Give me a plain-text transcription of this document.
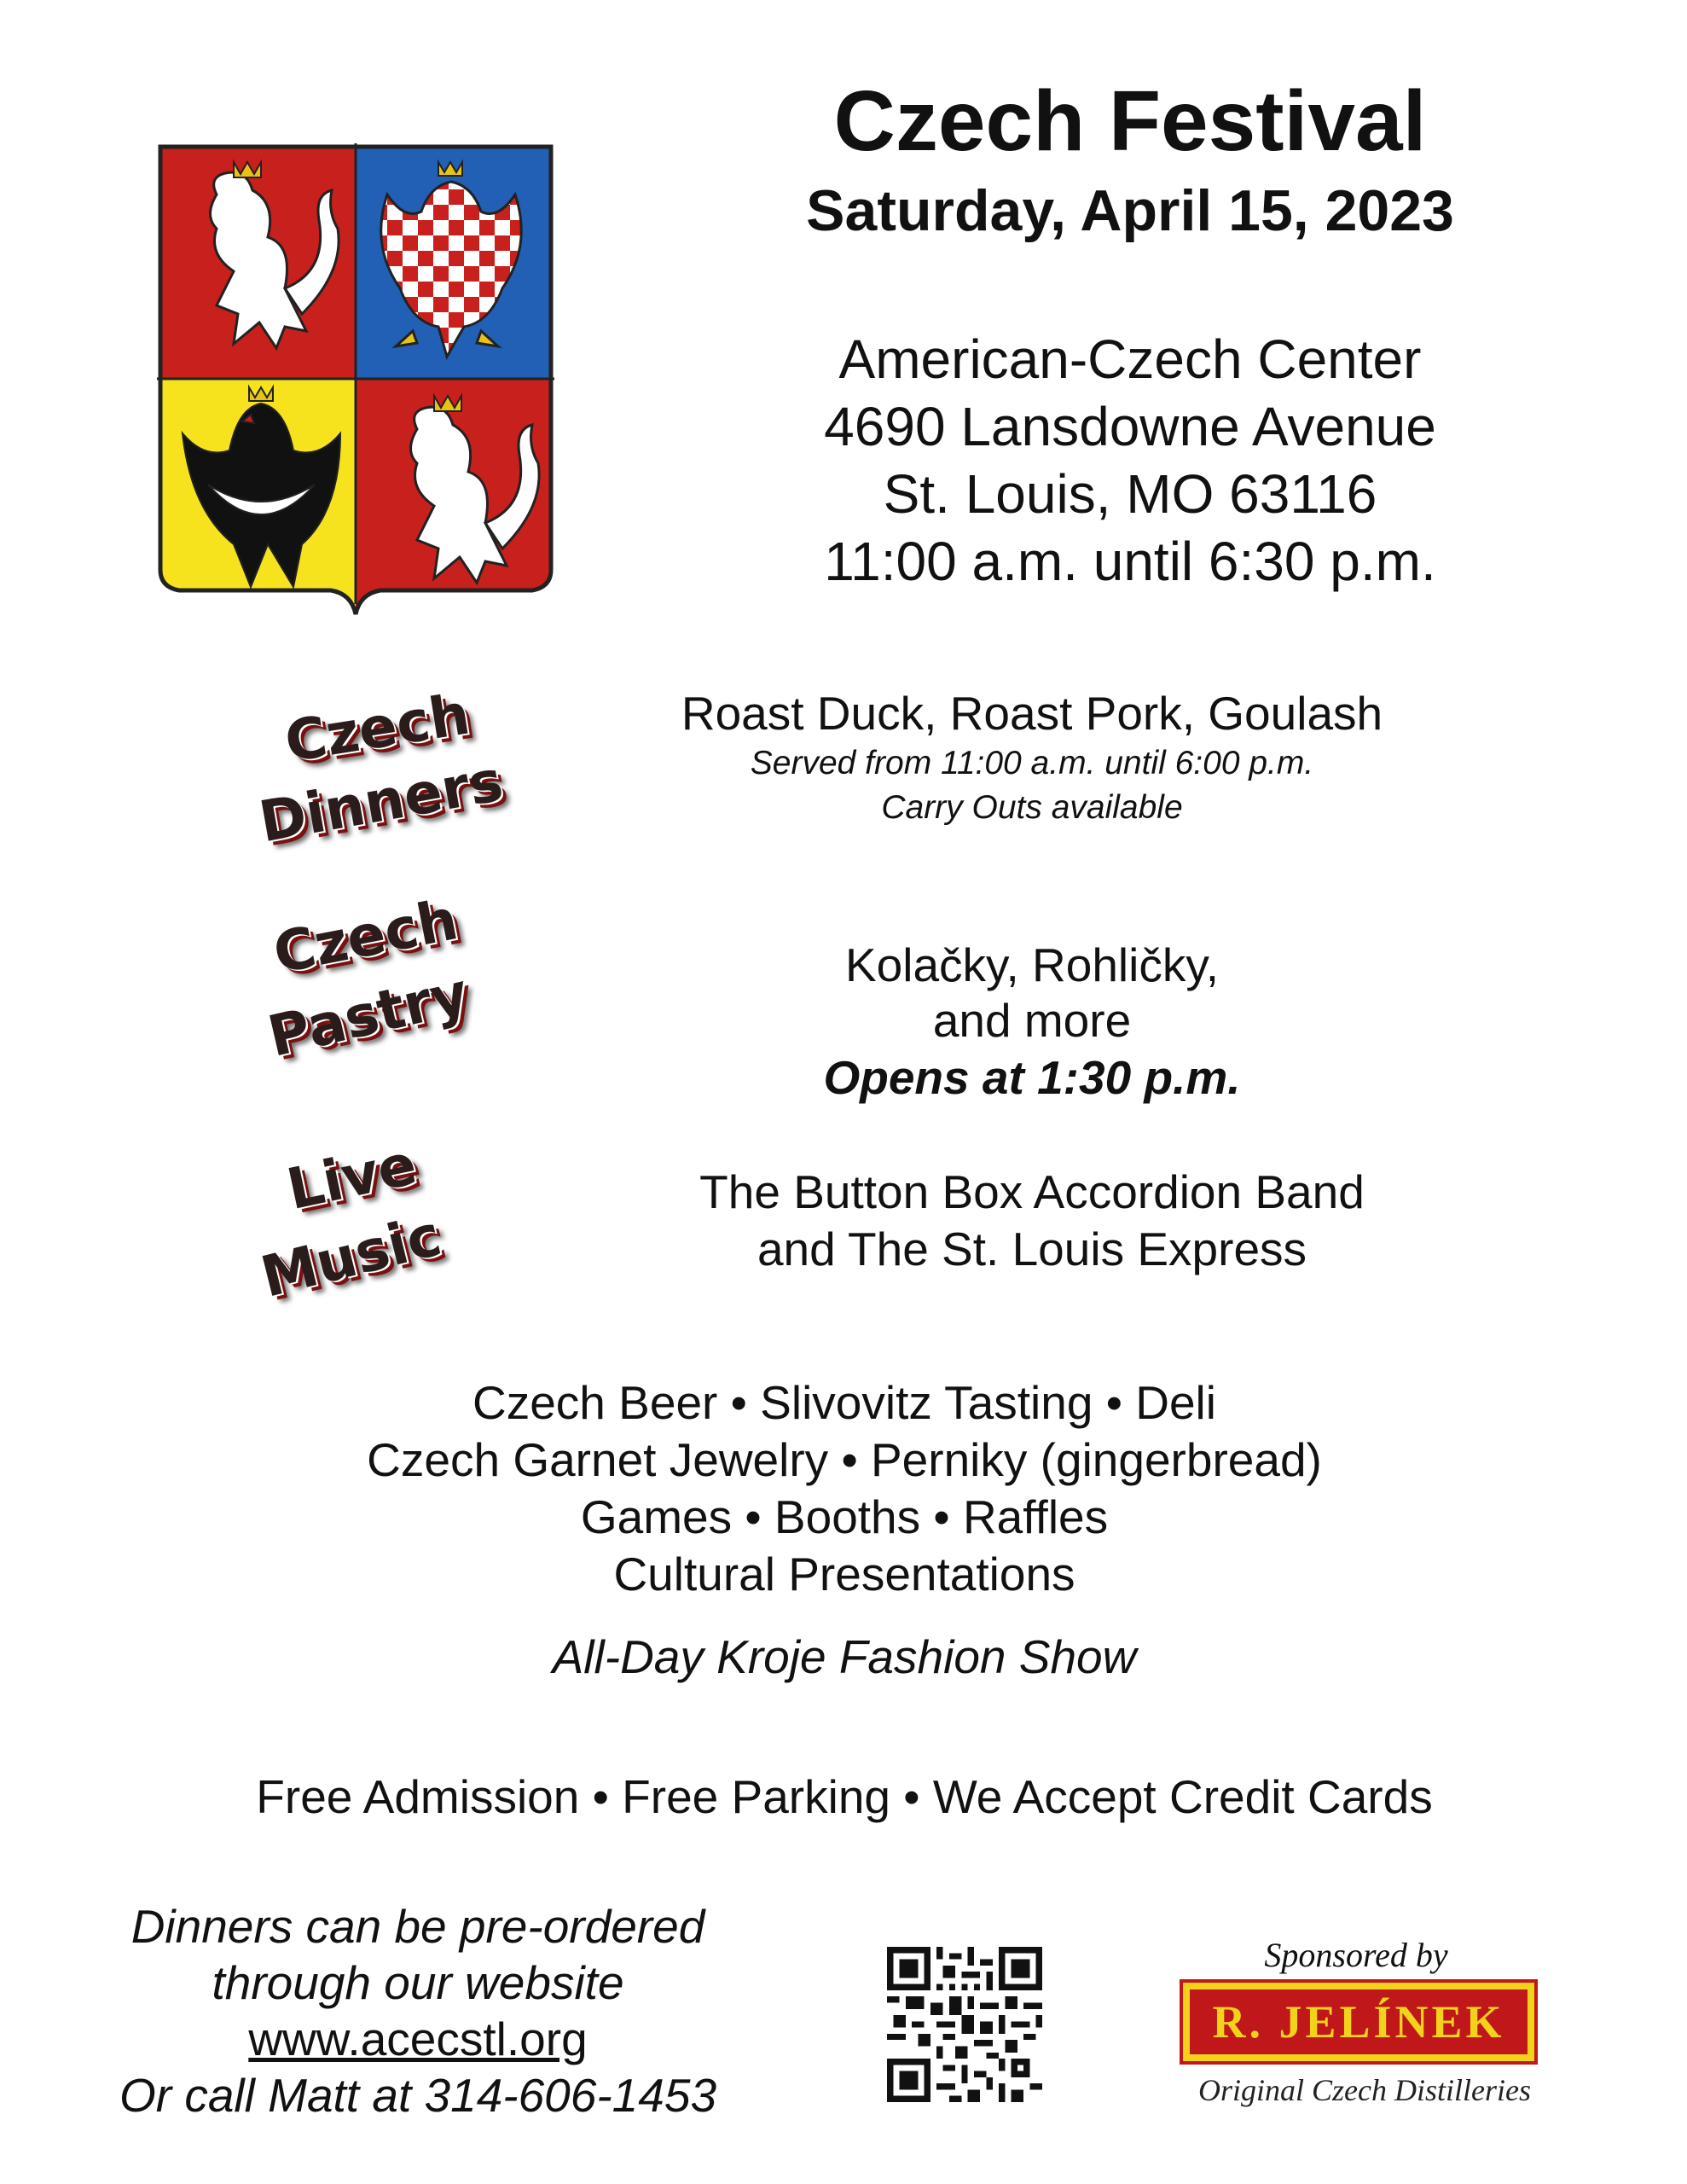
Czech Festival
Saturday, April 15, 2023
American-Czech Center
4690 Lansdowne Avenue
St. Louis, MO 63116
11:00 a.m. until 6:30 p.m.
Czech
Dinners
Czech
Pastry
Live
Music
Roast Duck, Roast Pork, Goulash
Served from 11:00 a.m. until 6:00 p.m.
Carry Outs available
Kolačky, Rohličky,
and more
Opens at 1:30 p.m.
The Button Box Accordion Band
and The St. Louis Express
Czech Beer • Slivovitz Tasting • Deli
Czech Garnet Jewelry • Perniky (gingerbread)
Games • Booths • Raffles
Cultural Presentations
All-Day Kroje Fashion Show
Free Admission • Free Parking • We Accept Credit Cards
Dinners can be pre-ordered
through our website
www.acecstl.org
Or call Matt at 314-606-1453
Sponsored by
R. JELÍNEK
Original Czech Distilleries
